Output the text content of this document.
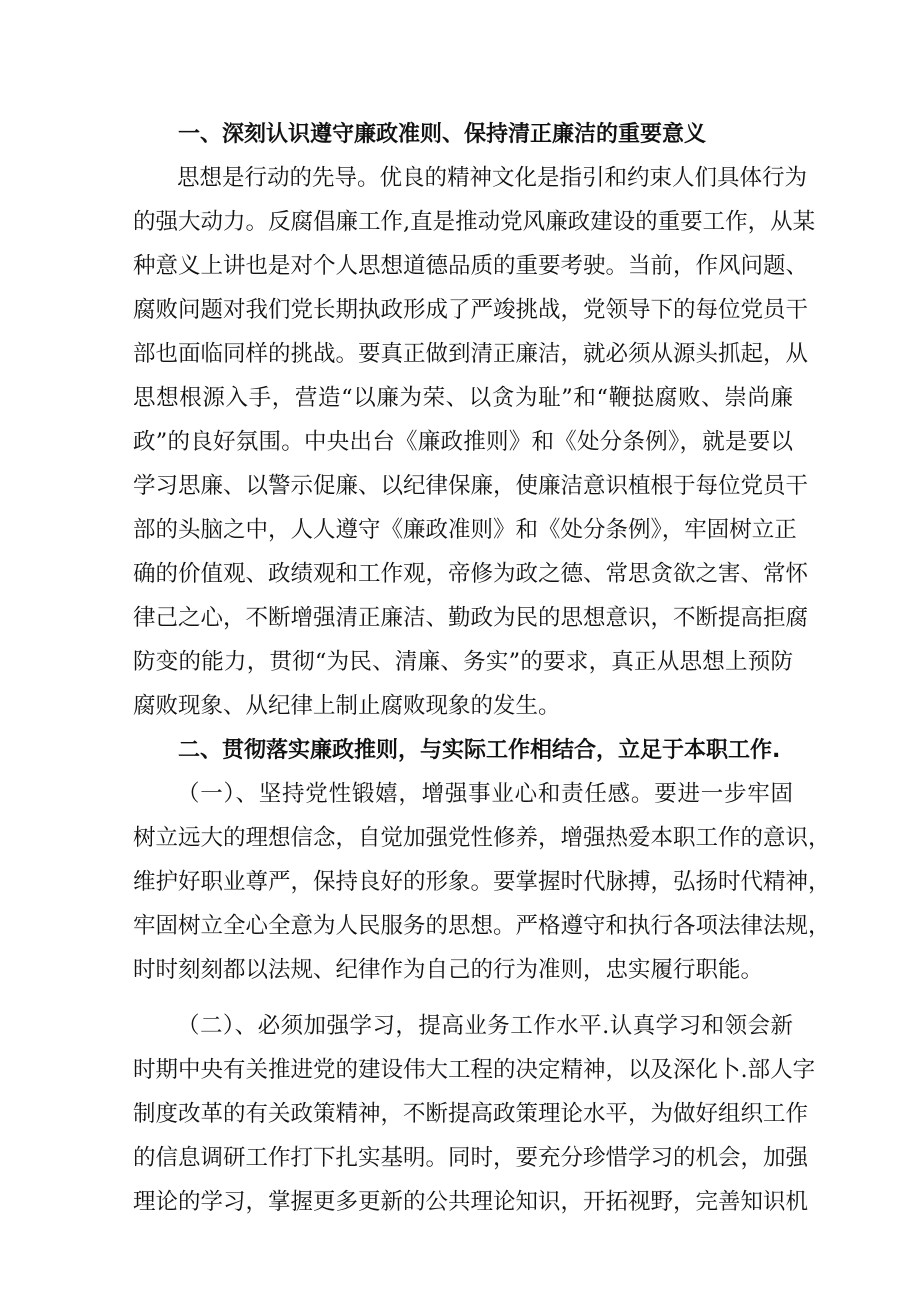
一、深刻认识遵守廉政准则、保持清正廉洁的重要意义
思想是行动的先导。优良的精神文化是指引和约束人们具体行为
的强大动力。反腐倡廉工作,直是推动党风廉政建设的重要工作，从某
种意义上讲也是对个人思想道德品质的重要考驶。当前，作风问题、
腐败问题对我们党长期执政形成了严竣挑战，党领导下的每位党员干
部也面临同样的挑战。要真正做到清正廉洁，就必须从源头抓起，从
思想根源入手，营造“以廉为荣、以贪为耻”和“鞭挞腐败、崇尚廉
政”的良好氛围。中央出台《廉政推则》和《处分条例》，就是要以
学习思廉、以警示促廉、以纪律保廉，使廉洁意识植根于每位党员干
部的头脑之中，人人遵守《廉政准则》和《处分条例》，牢固树立正
确的价值观、政绩观和工作观，帝修为政之德、常思贪欲之害、常怀
律己之心，不断增强清正廉洁、勤政为民的思想意识，不断提高拒腐
防变的能力，贯彻“为民、清廉、务实”的要求，真正从思想上预防
腐败现象、从纪律上制止腐败现象的发生。
二、贯彻落实廉政推则，与实际工作相结合，立足于本职工作.
（一）、坚持党性锻嬉，增强事业心和责任感。要进一步牢固
树立远大的理想信念，自觉加强党性修养，增强热爱本职工作的意识，
维护好职业尊严，保持良好的形象。要掌握时代脉搏，弘扬时代精神，
牢固树立全心全意为人民服务的思想。严格遵守和执行各项法律法规，
时时刻刻都以法规、纪律作为自己的行为准则，忠实履行职能。
（二）、必须加强学习，提高业务工作水平.认真学习和领会新
时期中央有关推进党的建设伟大工程的决定精神，以及深化卜.部人字
制度改革的有关政策精神，不断提高政策理论水平，为做好组织工作
的信息调研工作打下扎实基明。同时，要充分珍惜学习的机会，加强
理论的学习，掌握更多更新的公共理论知识，开拓视野，完善知识机
